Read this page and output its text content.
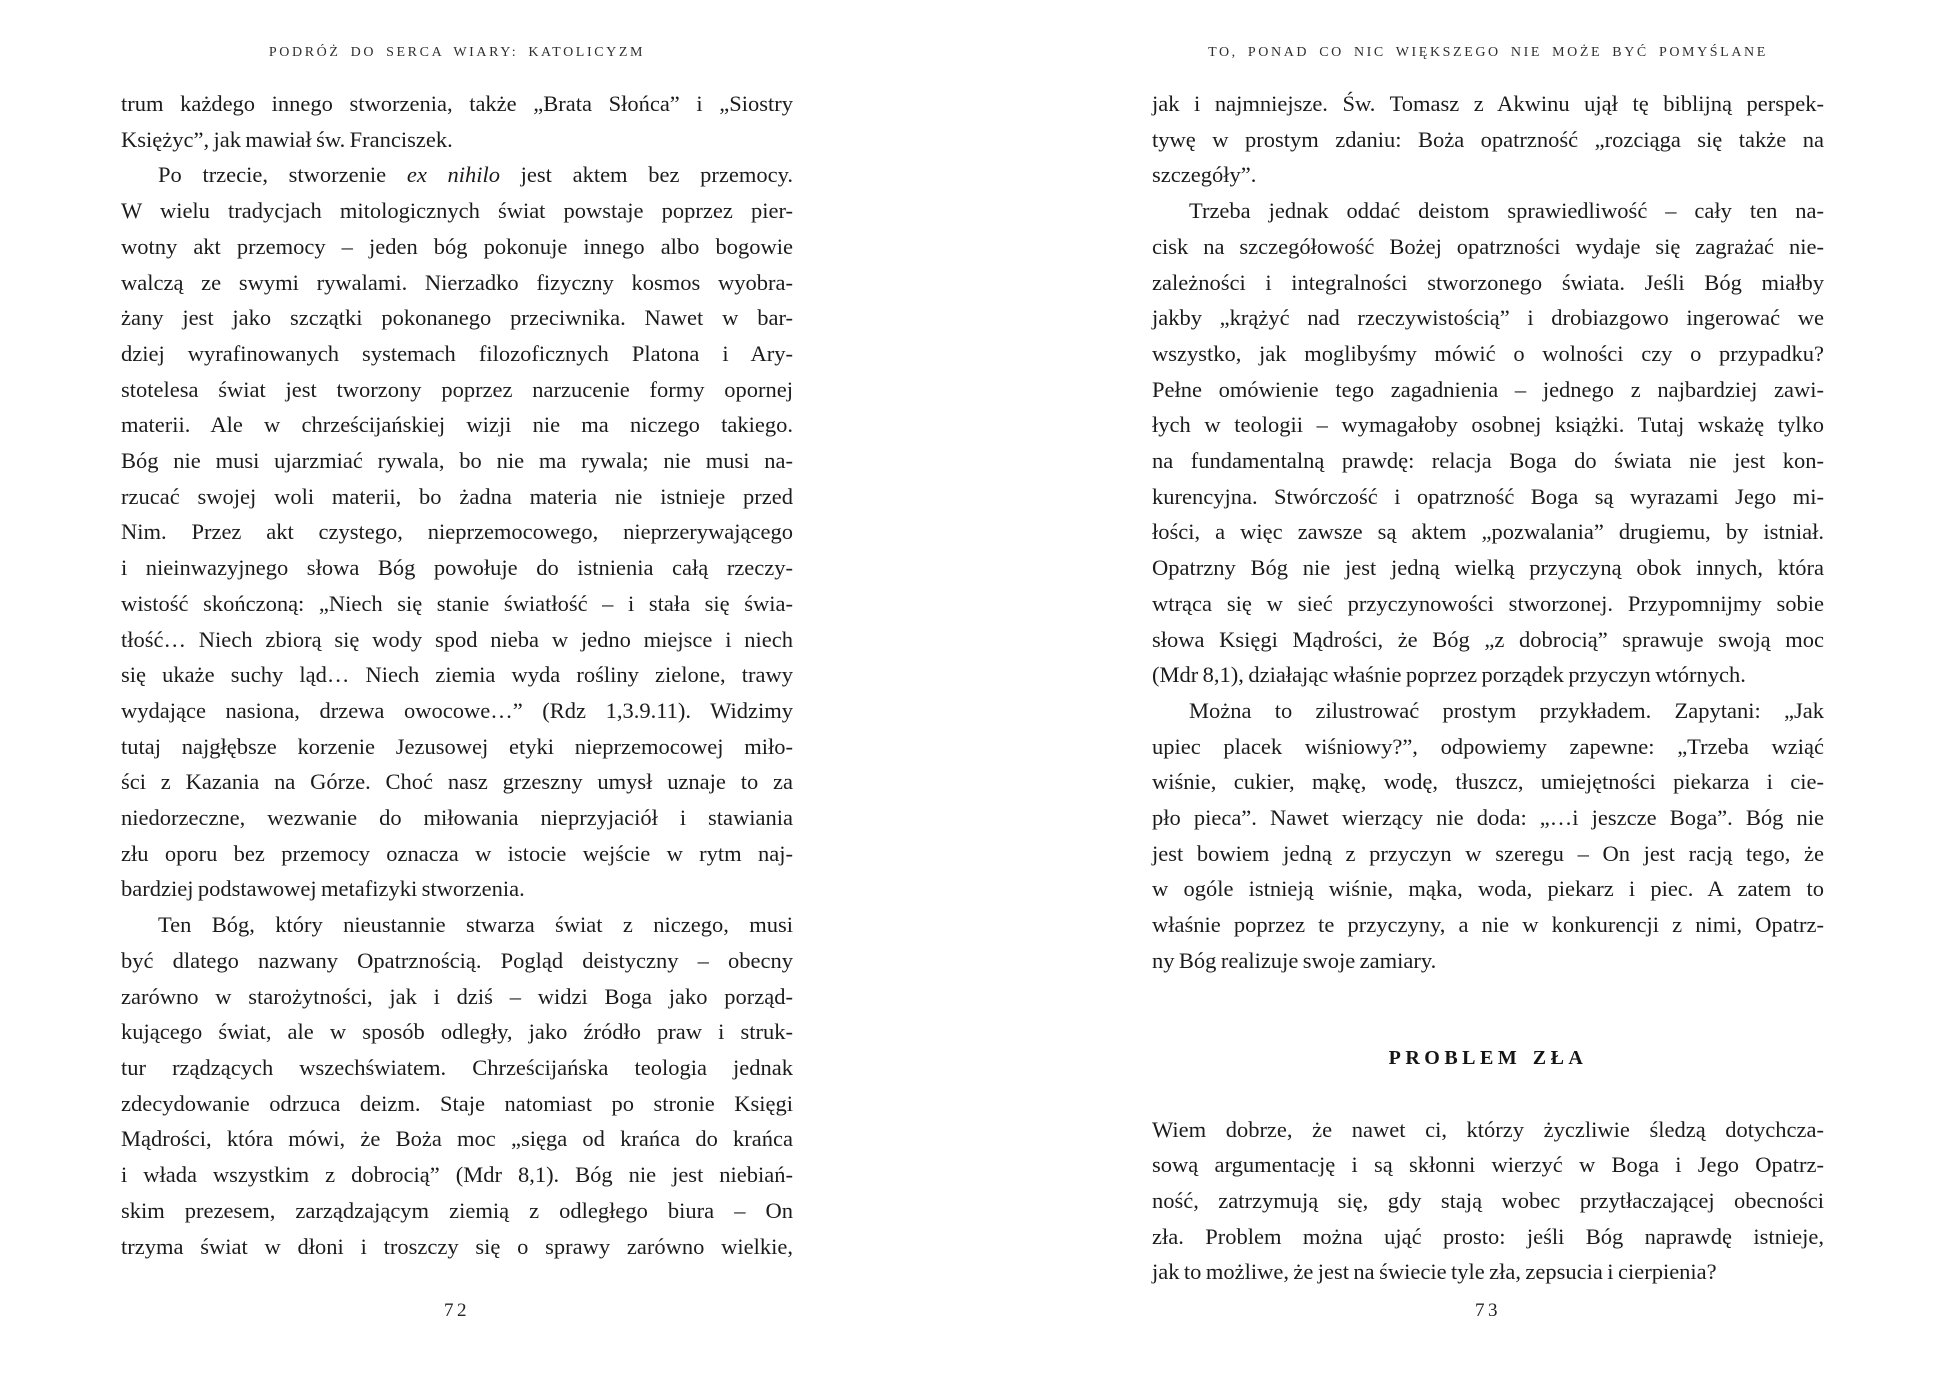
PODRÓŻ DO SERCA WIARY: KATOLICYZM
trum każdego innego stworzenia, także „Brata Słońca” i „Siostry
Księżyc”, jak mawiał św. Franciszek.
Po trzecie, stworzenie ex nihilo jest aktem bez przemocy.
W wielu tradycjach mitologicznych świat powstaje poprzez pier-
wotny akt przemocy – jeden bóg pokonuje innego albo bogowie
walczą ze swymi rywalami. Nierzadko fizyczny kosmos wyobra-
żany jest jako szczątki pokonanego przeciwnika. Nawet w bar-
dziej wyrafinowanych systemach filozoficznych Platona i Ary-
stotelesa świat jest tworzony poprzez narzucenie formy opornej
materii. Ale w chrześcijańskiej wizji nie ma niczego takiego.
Bóg nie musi ujarzmiać rywala, bo nie ma rywala; nie musi na-
rzucać swojej woli materii, bo żadna materia nie istnieje przed
Nim. Przez akt czystego, nieprzemocowego, nieprzerywającego
i nieinwazyjnego słowa Bóg powołuje do istnienia całą rzeczy-
wistość skończoną: „Niech się stanie światłość – i stała się świa-
tłość… Niech zbiorą się wody spod nieba w jedno miejsce i niech
się ukaże suchy ląd… Niech ziemia wyda rośliny zielone, trawy
wydające nasiona, drzewa owocowe…” (Rdz 1,3.9.11). Widzimy
tutaj najgłębsze korzenie Jezusowej etyki nieprzemocowej miło-
ści z Kazania na Górze. Choć nasz grzeszny umysł uznaje to za
niedorzeczne, wezwanie do miłowania nieprzyjaciół i stawiania
złu oporu bez przemocy oznacza w istocie wejście w rytm naj-
bardziej podstawowej metafizyki stworzenia.
Ten Bóg, który nieustannie stwarza świat z niczego, musi
być dlatego nazwany Opatrznością. Pogląd deistyczny – obecny
zarówno w starożytności, jak i dziś – widzi Boga jako porząd-
kującego świat, ale w sposób odległy, jako źródło praw i struk-
tur rządzących wszechświatem. Chrześcijańska teologia jednak
zdecydowanie odrzuca deizm. Staje natomiast po stronie Księgi
Mądrości, która mówi, że Boża moc „sięga od krańca do krańca
i włada wszystkim z dobrocią” (Mdr 8,1). Bóg nie jest niebiań-
skim prezesem, zarządzającym ziemią z odległego biura – On
trzyma świat w dłoni i troszczy się o sprawy zarówno wielkie,
72
TO, PONAD CO NIC WIĘKSZEGO NIE MOŻE BYĆ POMYŚLANE
jak i najmniejsze. Św. Tomasz z Akwinu ujął tę biblijną perspek-
tywę w prostym zdaniu: Boża opatrzność „rozciąga się także na
szczegóły”.
Trzeba jednak oddać deistom sprawiedliwość – cały ten na-
cisk na szczegółowość Bożej opatrzności wydaje się zagrażać nie-
zależności i integralności stworzonego świata. Jeśli Bóg miałby
jakby „krążyć nad rzeczywistością” i drobiazgowo ingerować we
wszystko, jak moglibyśmy mówić o wolności czy o przypadku?
Pełne omówienie tego zagadnienia – jednego z najbardziej zawi-
łych w teologii – wymagałoby osobnej książki. Tutaj wskażę tylko
na fundamentalną prawdę: relacja Boga do świata nie jest kon-
kurencyjna. Stwórczość i opatrzność Boga są wyrazami Jego mi-
łości, a więc zawsze są aktem „pozwalania” drugiemu, by istniał.
Opatrzny Bóg nie jest jedną wielką przyczyną obok innych, która
wtrąca się w sieć przyczynowości stworzonej. Przypomnijmy sobie
słowa Księgi Mądrości, że Bóg „z dobrocią” sprawuje swoją moc
(Mdr 8,1), działając właśnie poprzez porządek przyczyn wtórnych.
Można to zilustrować prostym przykładem. Zapytani: „Jak
upiec placek wiśniowy?”, odpowiemy zapewne: „Trzeba wziąć
wiśnie, cukier, mąkę, wodę, tłuszcz, umiejętności piekarza i cie-
pło pieca”. Nawet wierzący nie doda: „…i jeszcze Boga”. Bóg nie
jest bowiem jedną z przyczyn w szeregu – On jest racją tego, że
w ogóle istnieją wiśnie, mąka, woda, piekarz i piec. A zatem to
właśnie poprzez te przyczyny, a nie w konkurencji z nimi, Opatrz-
ny Bóg realizuje swoje zamiary.
PROBLEM ZŁA
Wiem dobrze, że nawet ci, którzy życzliwie śledzą dotychcza-
sową argumentację i są skłonni wierzyć w Boga i Jego Opatrz-
ność, zatrzymują się, gdy stają wobec przytłaczającej obecności
zła. Problem można ująć prosto: jeśli Bóg naprawdę istnieje,
jak to możliwe, że jest na świecie tyle zła, zepsucia i cierpienia?
73
